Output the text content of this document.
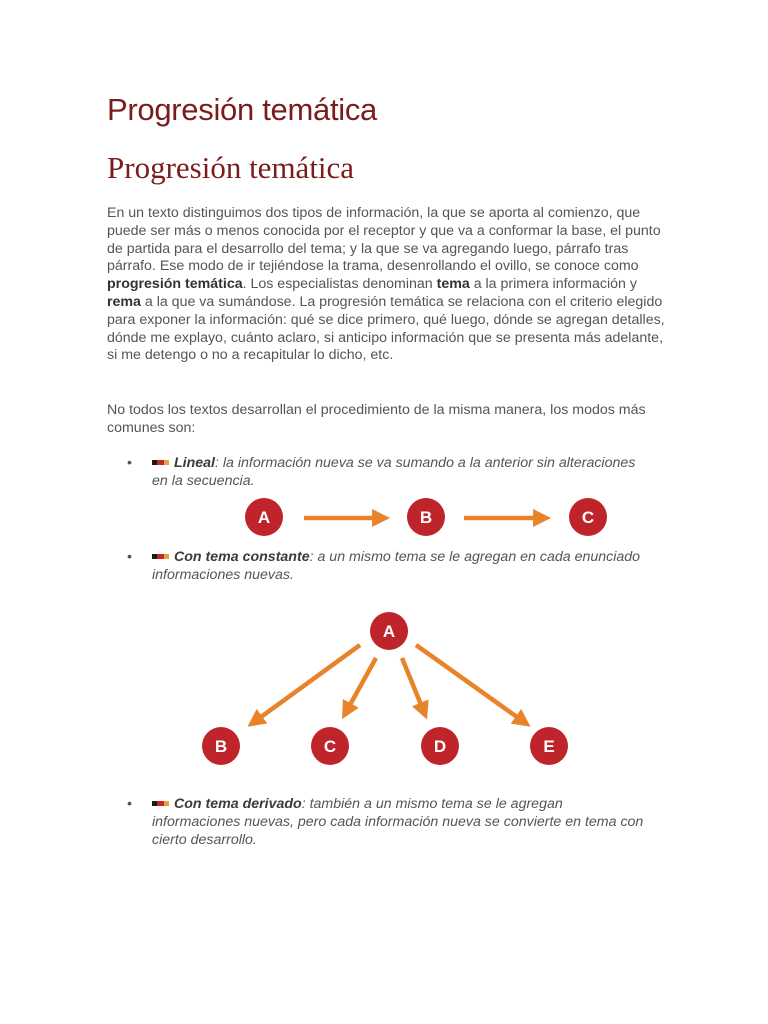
Progresión temática
Progresión temática

En un texto distinguimos dos tipos de información, la que se aporta al comienzo, que puede ser más o menos conocida por el receptor y que va a conformar la base, el punto de partida para el desarrollo del tema; y la que se va agregando luego, párrafo tras párrafo. Ese modo de ir tejiéndose la trama, desenrollando el ovillo, se conoce como progresión temática. Los especialistas denominan tema a la primera información y rema a la que va sumándose. La progresión temática se relaciona con el criterio elegido para exponer la información: qué se dice primero, qué luego, dónde se agregan detalles, dónde me explayo, cuánto aclaro, si anticipo información que se presenta más adelante, si me detengo o no a recapitular lo dicho, etc.

No todos los textos desarrollan el procedimiento de la misma manera, los modos más comunes son:

•	Lineal: la información nueva se va sumando a la anterior sin alteraciones en la secuencia.
•	Con tema constante: a un mismo tema se le agregan en cada enunciado informaciones nuevas.
•	Con tema derivado: también a un mismo tema se le agregan informaciones nuevas, pero cada información nueva se convierte en tema con cierto desarrollo.
A	B	C
A
B	C	D	E
